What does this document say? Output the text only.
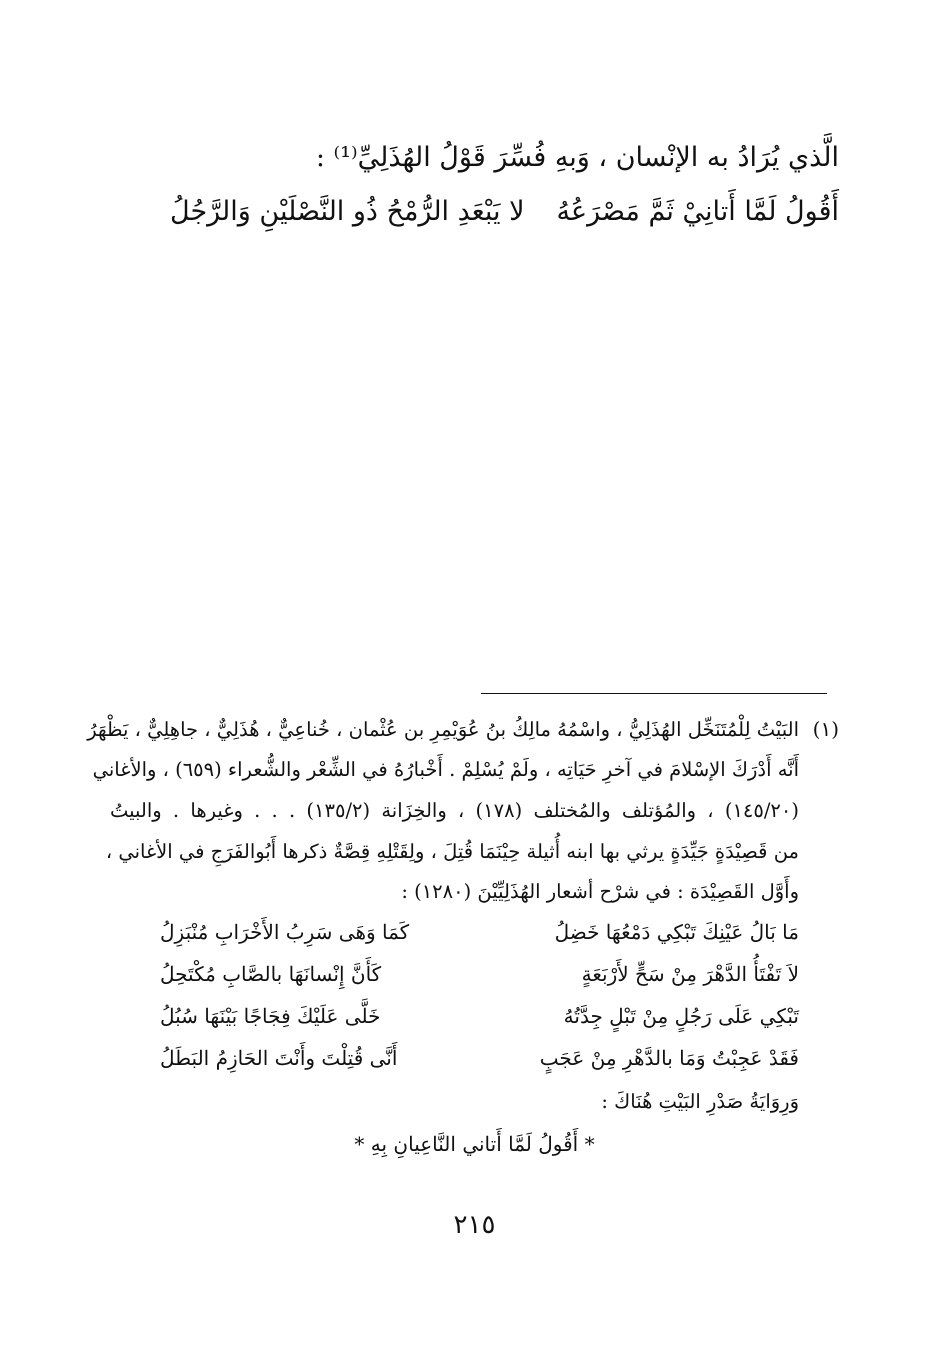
الَّذي يُرَادُ به الإنْسان ، وَبهِ فُسِّرَ قَوْلُ الهُذَلِيِّ⁽¹⁾ :
أَقُولُ لَمَّا أَتانِيْ ثَمَّ مَصْرَعُهُ
لا يَبْعَدِ الرُّمْحُ ذُو النَّصْلَيْنِ وَالرَّجُلُ
(١)
البَيْتُ لِلْمُتَنَخِّل الهُذَلِيُّ ، واسْمُهُ مالِكُ بنُ عُوَيْمِرِ بن عُثْمان ، خُناعِيٌّ ، هُذَلِيٌّ ، جاهِلِيٌّ ، يَظْهَرُ
أَنَّه أَدْرَكَ الإسْلامَ في آخرِ حَيَاتِه ، ولَمْ يُسْلِمْ . أَخْبارُهُ في الشِّعْر والشُّعراء (٦٥٩) ، والأغاني
(١٤٥/٢٠) ، والمُؤتلف والمُختلف (١٧٨) ، والخِزَانة (١٣٥/٢) . . . وغيرها . والبيتُ
من قَصِيْدَةٍ جَيِّدَةٍ يرثي بها ابنه أُثيلة حِيْنَمَا قُتِلَ ، ولِقَتْلِهِ قِصَّةٌ ذكرها أَبُوالفَرَجِ في الأغاني ،
وأَوَّل القَصِيْدَة : في شرْح أشعار الهُذَلِيِّيْنَ (١٢٨٠) :
مَا بَالُ عَيْنِكَ تَبْكِي دَمْعُهَا خَضِلُ
كَمَا وَهَى سَرِبُ الأَخْرَابِ مُنْبَزِلُ
لاَ تَفْتَأُ الدَّهْرَ مِنْ سَحٍّ لأَرْبَعَةٍ
كَأَنَّ إِنْسانَهَا بالصَّابِ مُكْتَحِلُ
تَبْكِي عَلَى رَجُلٍ مِنْ تَبْلٍ جِدَّتُهُ
خَلَّى عَلَيْكَ فِجَاجًا بَيْنَهَا سُبُلُ
فَقَدْ عَجِبْتُ وَمَا بالدَّهْرِ مِنْ عَجَبٍ
أَنَّى قُتِلْتَ وأَنْتَ الحَازِمُ البَطَلُ
وَرِوَايَةُ صَدْرِ البَيْتِ هُنَاكَ :
* أَقُولُ لَمَّا أَتاني النَّاعِيانِ بِهِ *
٢١٥
